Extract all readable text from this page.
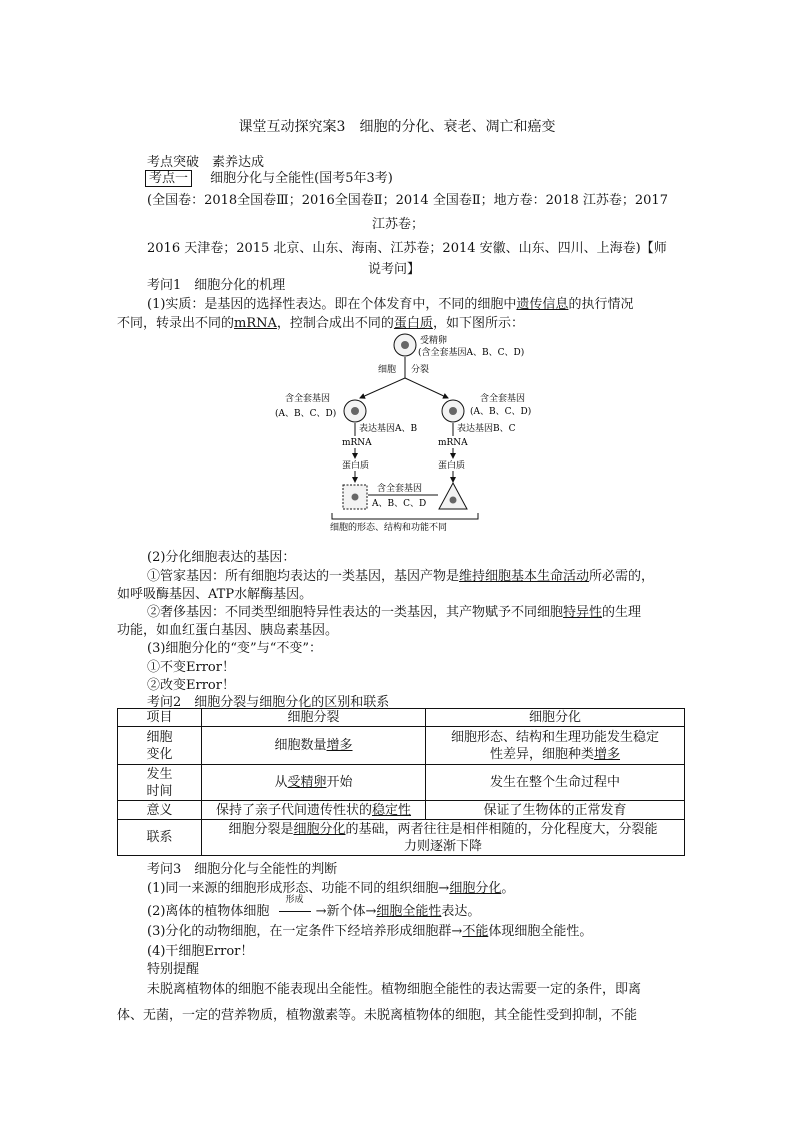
课堂互动探究案3　细胞的分化、衰老、凋亡和癌变
考点突破　素养达成
考点一 细胞分化与全能性(国考5年3考)
(全国卷：2018全国卷Ⅲ；2016全国卷Ⅱ；2014 全国卷Ⅱ；地方卷：2018 江苏卷；2017
江苏卷；
2016 天津卷；2015 北京、山东、海南、江苏卷；2014 安徽、山东、四川、上海卷)【师
说考问】
考问1　细胞分化的机理
(1)实质：是基因的选择性表达。即在个体发育中，不同的细胞中遗传信息的执行情况
不同，转录出不同的mRNA，控制合成出不同的蛋白质，如下图所示：
受精卵
(含全套基因A、B、C、D)
细胞 分裂
含全套基因
(A、B、C、D)
含全套基因
(A、B、C、D)
表达基因A、B	表达基因B、C
mRNA	mRNA
蛋白质	蛋白质
含全套基因
A、B、C、D
细胞的形态、结构和功能不同
(2)分化细胞表达的基因：
①管家基因：所有细胞均表达的一类基因，基因产物是维持细胞基本生命活动所必需的，
如呼吸酶基因、ATP水解酶基因。
②奢侈基因：不同类型细胞特异性表达的一类基因，其产物赋予不同细胞特异性的生理
功能，如血红蛋白基因、胰岛素基因。
(3)细胞分化的“变”与“不变”：
①不变Error！
②改变Error！
考问2　细胞分裂与细胞分化的区别和联系
项目	细胞分裂	细胞分化
细胞
变化	细胞数量增多	细胞形态、结构和生理功能发生稳定
性差异，细胞种类增多
发生
时间	从受精卵开始	发生在整个生命过程中
意义	保持了亲子代间遗传性状的稳定性	保证了生物体的正常发育
联系	细胞分裂是细胞分化的基础，两者往往是相伴相随的，分化程度大，分裂能
力则逐渐下降	
考问3　细胞分化与全能性的判断
(1)同一来源的细胞形成形态、功能不同的组织细胞→细胞分化。
(2)离体的植物体细胞
形成
→新个体→细胞全能性表达。
(3)分化的动物细胞，在一定条件下经培养形成细胞群→不能体现细胞全能性。
(4)干细胞Error！
特别提醒
未脱离植物体的细胞不能表现出全能性。植物细胞全能性的表达需要一定的条件，即离
体、无菌，一定的营养物质，植物激素等。未脱离植物体的细胞，其全能性受到抑制，不能
